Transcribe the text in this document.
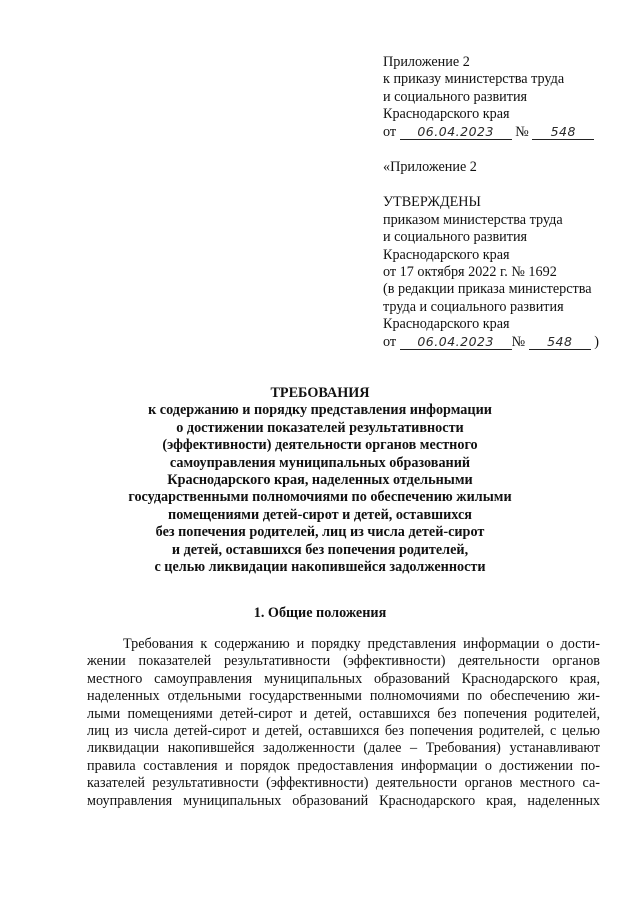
Приложение 2
к приказу министерства труда
и социального развития
Краснодарского края
от 06.04.2023 № 548
«Приложение 2
УТВЕРЖДЕНЫ
приказом министерства труда
и социального развития
Краснодарского края
от 17 октября 2022 г. № 1692
(в редакции приказа министерства
труда и социального развития
Краснодарского края
от 06.04.2023 № 548 )
ТРЕБОВАНИЯ
к содержанию и порядку представления информации
о достижении показателей результативности
(эффективности) деятельности органов местного
самоуправления муниципальных образований
Краснодарского края, наделенных отдельными
государственными полномочиями по обеспечению жилыми
помещениями детей-сирот и детей, оставшихся
без попечения родителей, лиц из числа детей-сирот
и детей, оставшихся без попечения родителей,
с целью ликвидации накопившейся задолженности
1. Общие положения
Требования к содержанию и порядку представления информации о дости-
жении показателей результативности (эффективности) деятельности органов
местного самоуправления муниципальных образований Краснодарского края,
наделенных отдельными государственными полномочиями по обеспечению жи-
лыми помещениями детей-сирот и детей, оставшихся без попечения родителей,
лиц из числа детей-сирот и детей, оставшихся без попечения родителей, с целью
ликвидации накопившейся задолженности (далее – Требования) устанавливают
правила составления и порядок предоставления информации о достижении по-
казателей результативности (эффективности) деятельности органов местного са-
моуправления муниципальных образований Краснодарского края, наделенных
